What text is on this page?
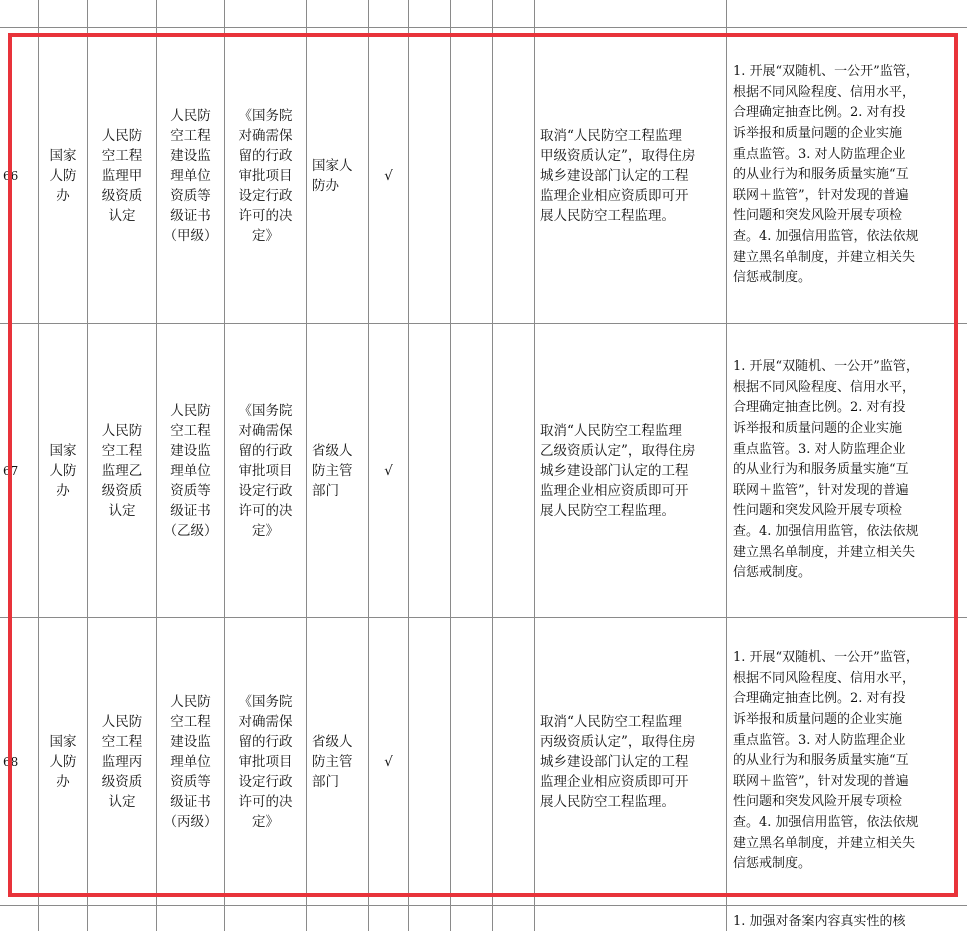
66
国家
人防
办
人民防
空工程
监理甲
级资质
认定
人民防
空工程
建设监
理单位
资质等
级证书
（甲级）
《国务院
对确需保
留的行政
审批项目
设定行政
许可的决
定》
国家人
防办
√
取消“人民防空工程监理
甲级资质认定”，取得住房
城乡建设部门认定的工程
监理企业相应资质即可开
展人民防空工程监理。
1. 开展“双随机、一公开”监管，
根据不同风险程度、信用水平，
合理确定抽查比例。2. 对有投
诉举报和质量问题的企业实施
重点监管。3. 对人防监理企业
的从业行为和服务质量实施“互
联网＋监管”，针对发现的普遍
性问题和突发风险开展专项检
查。4. 加强信用监管，依法依规
建立黑名单制度，并建立相关失
信惩戒制度。
67
国家
人防
办
人民防
空工程
监理乙
级资质
认定
人民防
空工程
建设监
理单位
资质等
级证书
（乙级）
《国务院
对确需保
留的行政
审批项目
设定行政
许可的决
定》
省级人
防主管
部门
√
取消“人民防空工程监理
乙级资质认定”，取得住房
城乡建设部门认定的工程
监理企业相应资质即可开
展人民防空工程监理。
1. 开展“双随机、一公开”监管，
根据不同风险程度、信用水平，
合理确定抽查比例。2. 对有投
诉举报和质量问题的企业实施
重点监管。3. 对人防监理企业
的从业行为和服务质量实施“互
联网＋监管”，针对发现的普遍
性问题和突发风险开展专项检
查。4. 加强信用监管，依法依规
建立黑名单制度，并建立相关失
信惩戒制度。
68
国家
人防
办
人民防
空工程
监理丙
级资质
认定
人民防
空工程
建设监
理单位
资质等
级证书
（丙级）
《国务院
对确需保
留的行政
审批项目
设定行政
许可的决
定》
省级人
防主管
部门
√
取消“人民防空工程监理
丙级资质认定”，取得住房
城乡建设部门认定的工程
监理企业相应资质即可开
展人民防空工程监理。
1. 开展“双随机、一公开”监管，
根据不同风险程度、信用水平，
合理确定抽查比例。2. 对有投
诉举报和质量问题的企业实施
重点监管。3. 对人防监理企业
的从业行为和服务质量实施“互
联网＋监管”，针对发现的普遍
性问题和突发风险开展专项检
查。4. 加强信用监管，依法依规
建立黑名单制度，并建立相关失
信惩戒制度。
1. 加强对备案内容真实性的核
